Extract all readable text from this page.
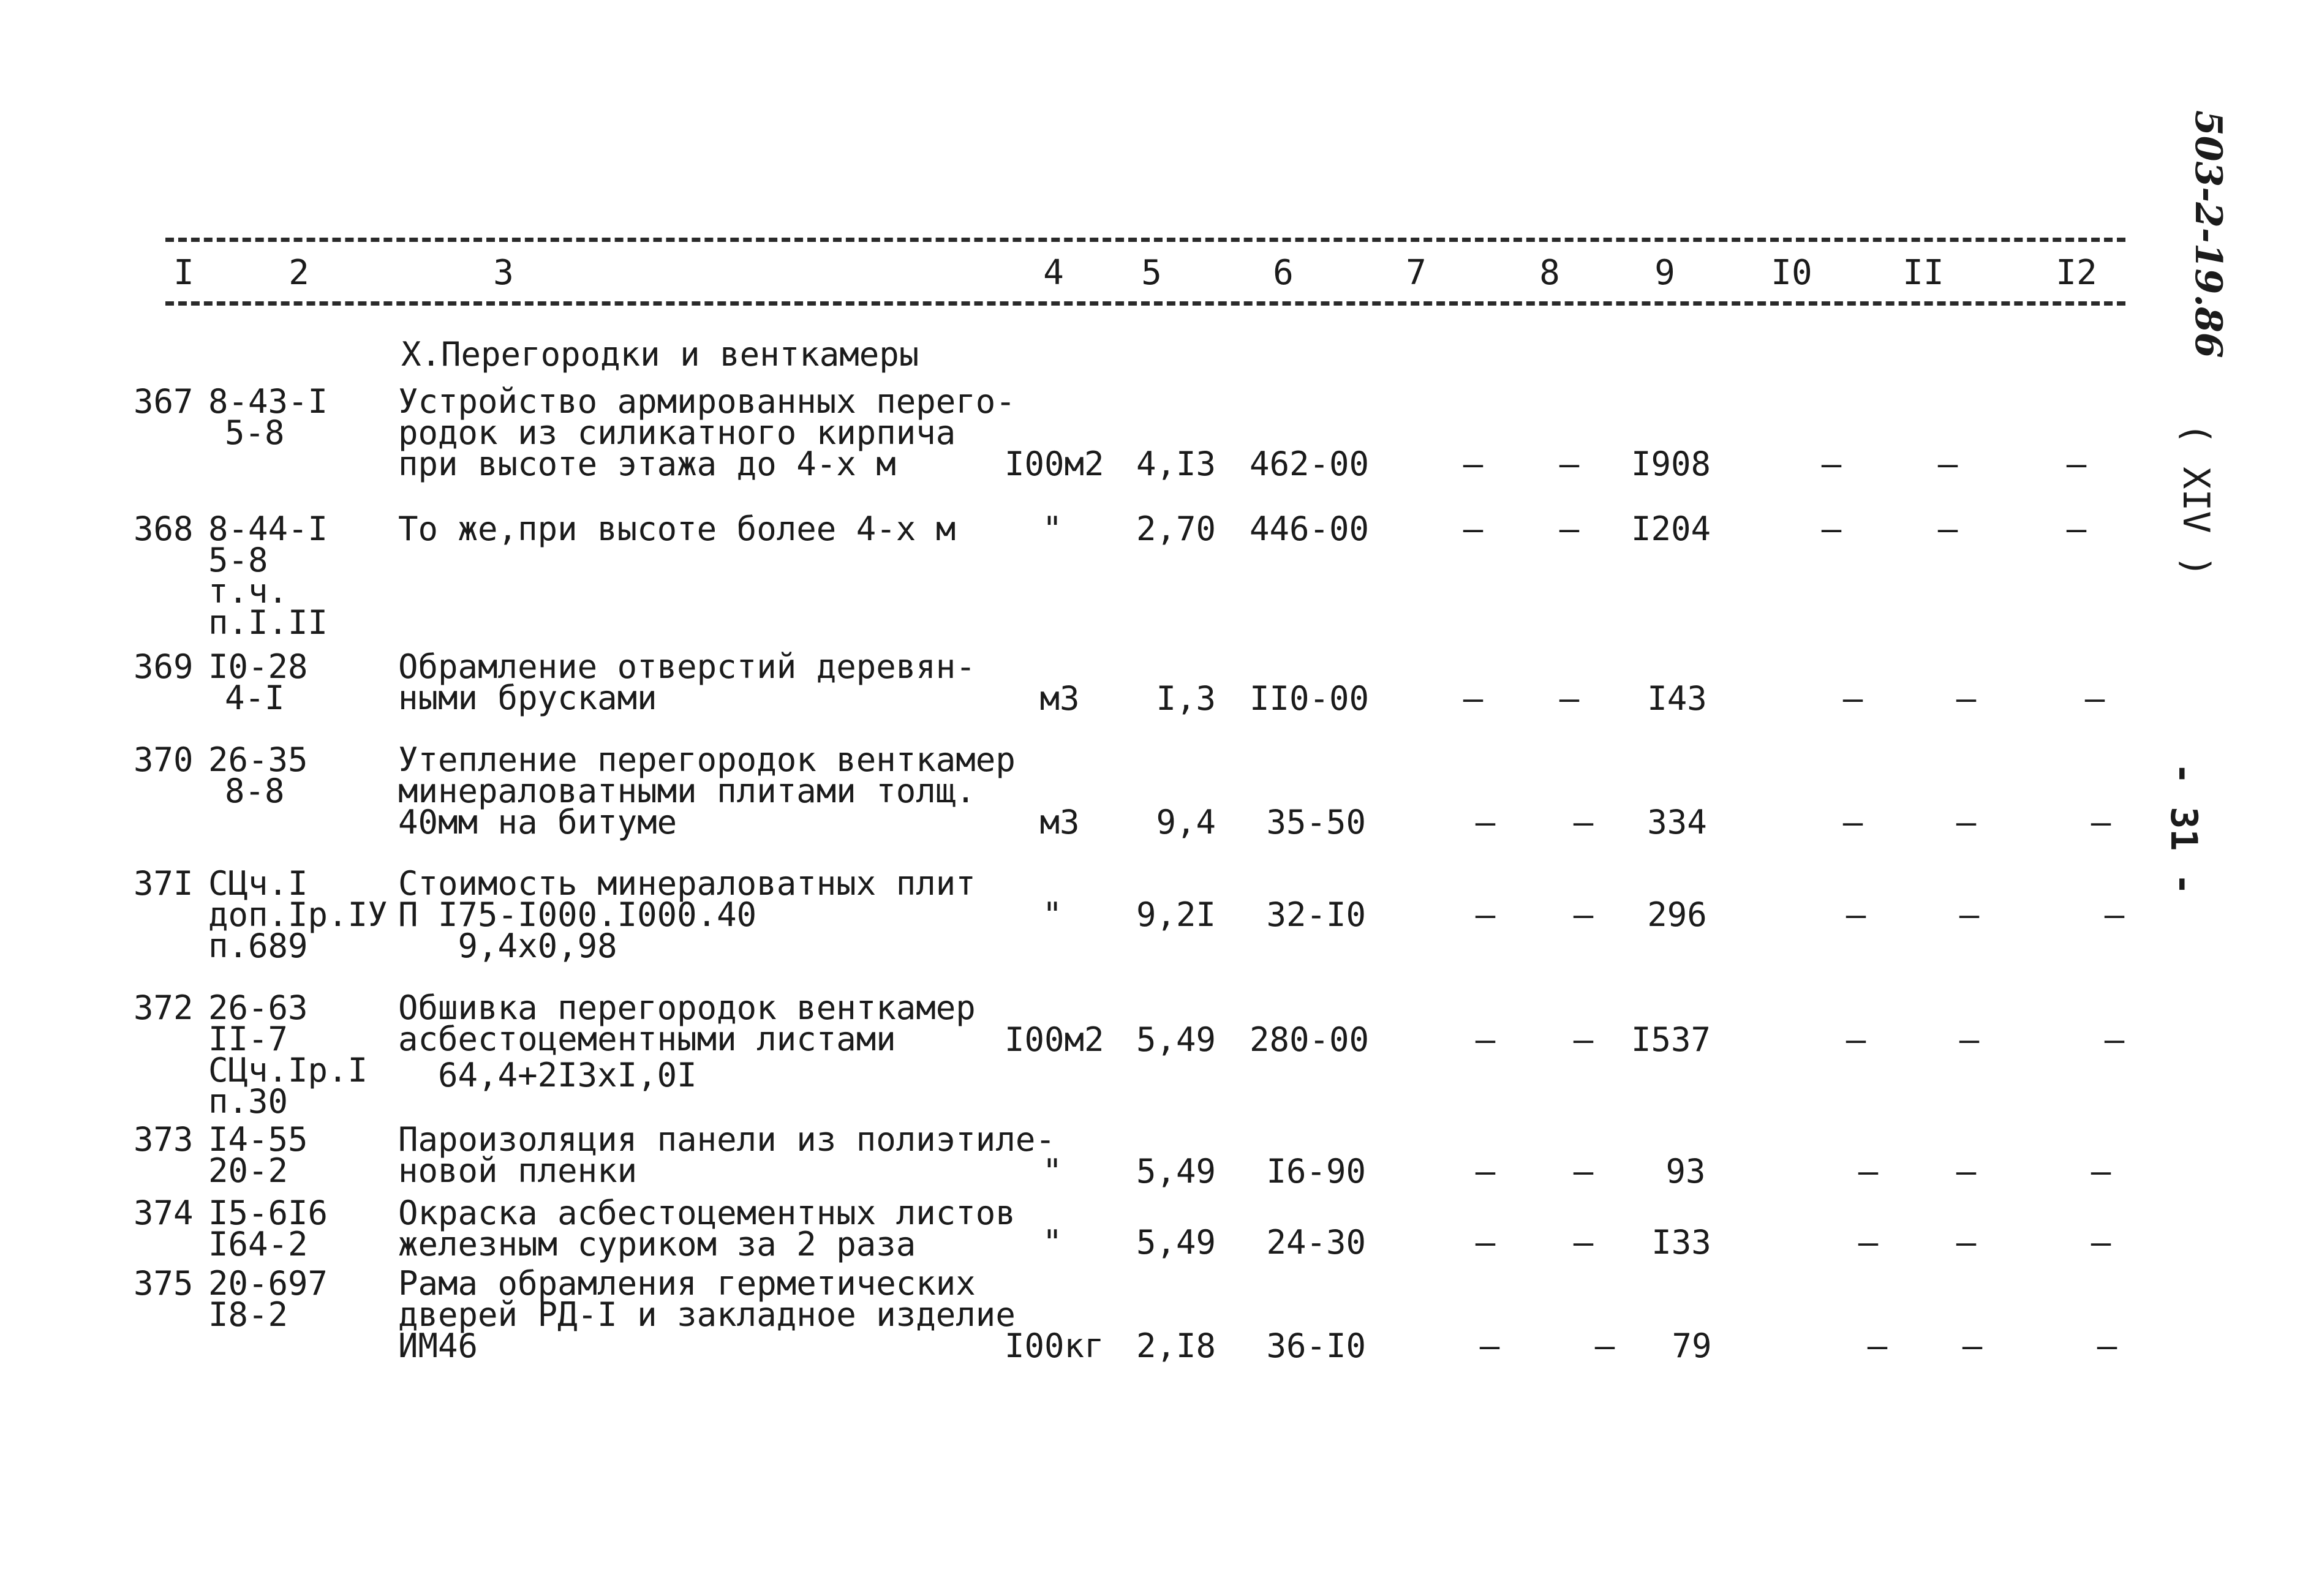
I	2	3	4	5	6	7	8	9	I0	II	I2
X.Перегородки и венткамеры
367 8-43-I
5-8
Устройство армированных перего-
родок из силикатного кирпича
при высоте этажа до 4-х м	I00м2 4,I3 462-00	–	–	I908	–	–	–
368 8-44-I
5-8
т.ч.
п.I.II
То же,при высоте более 4-х м	"	2,70 446-00	–	–	I204	–	–	–
369 I0-28
4-I
Обрамление отверстий деревян-
ными брусками	м3	I,3 II0-00	–	–	I43	–	–	–
370 26-35
8-8
Утепление перегородок венткамер
минераловатными плитами толщ.
40мм на битуме	м3	9,4	35-50	–	–	334	–	–	–
37I СЦч.I
доп.Iр.IУ
п.689
Стоимость минераловатных плит
П I75-I000.I000.40
9,4х0,98
"	9,2I	32-I0	–	–	296	–	–	–
372 26-63
II-7
СЦч.Iр.I
п.30
Обшивка перегородок венткамер
асбестоцементными листами
64,4+2I3хI,0I
I00м2 5,49 280-00	–	–	I537	–	–	–
373 I4-55
20-2
Пароизоляция панели из полиэтиле-
новой пленки	"	5,49	I6-90	–	–	93	–	–	–
374 I5-6I6
I64-2
Окраска асбестоцементных листов
железным суриком за 2 раза	"	5,49	24-30	–	–	I33	–	–	–
375 20-697
I8-2
Рама обрамления герметических
дверей РД-I и закладное изделие
ИМ46	I00кг 2,I8	36-I0	–	–	79	–	–	–
503-2-19.86
( XIV )
- 31 -
